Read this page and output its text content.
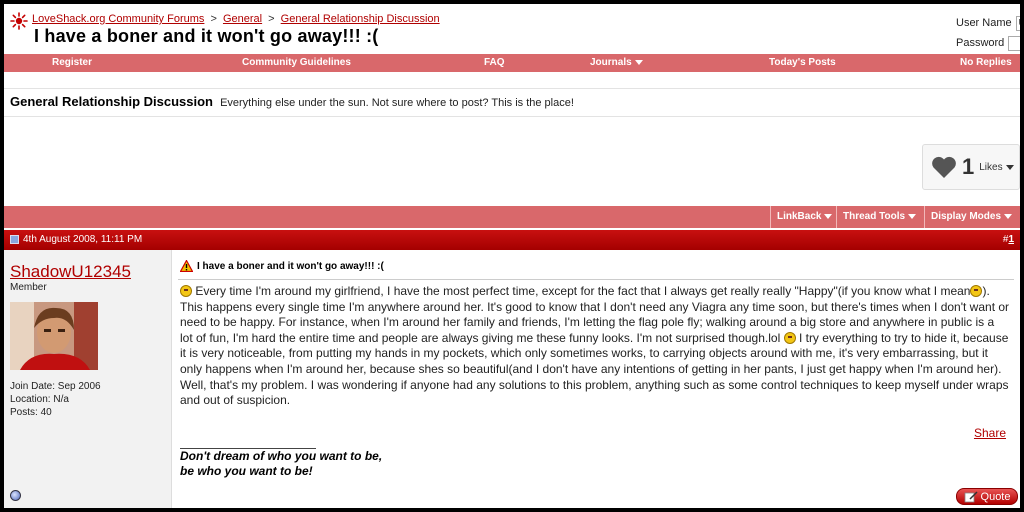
LoveShack.org Community Forums > General > General Relationship Discussion
I have a boner and it won't go away!!! :(
User Name
U
Password
Register	Community Guidelines	FAQ	Journals	Today's Posts	No Replies
General Relationship Discussion Everything else under the sun. Not sure where to post? This is the place!
1 Likes
LinkBack	Thread Tools	Display Modes
4th August 2008, 11:11 PM	#1
ShadowU12345
Member
Join Date: Sep 2006
Location: N/a
Posts: 40
I have a boner and it won't go away!!! :(
Every time I'm around my girlfriend, I have the most perfect time, except for the fact that I always get really really "Happy"(if you know what I mean ). This happens every single time I'm anywhere around her. It's good to know that I don't need any Viagra any time soon, but there's times when I don't want or need to be happy. For instance, when I'm around her family and friends, I'm letting the flag pole fly; walking around a big store and anywhere in public is a lot of fun, I'm hard the entire time and people are always giving me these funny looks. I'm not surprised though.lol I try everything to try to hide it, because it is very noticeable, from putting my hands in my pockets, which only sometimes works, to carrying objects around with me, it's very embarrassing, but it only happens when I'm around her, because shes so beautiful(and I don't have any intentions of getting in her pants, I just get happy when I'm around her). Well, that's my problem. I was wondering if anyone had any solutions to this problem, anything such as some control techniques to keep myself under wraps and out of suspicion.
Share
Don't dream of who you want to be,
be who you want to be!
Quote
